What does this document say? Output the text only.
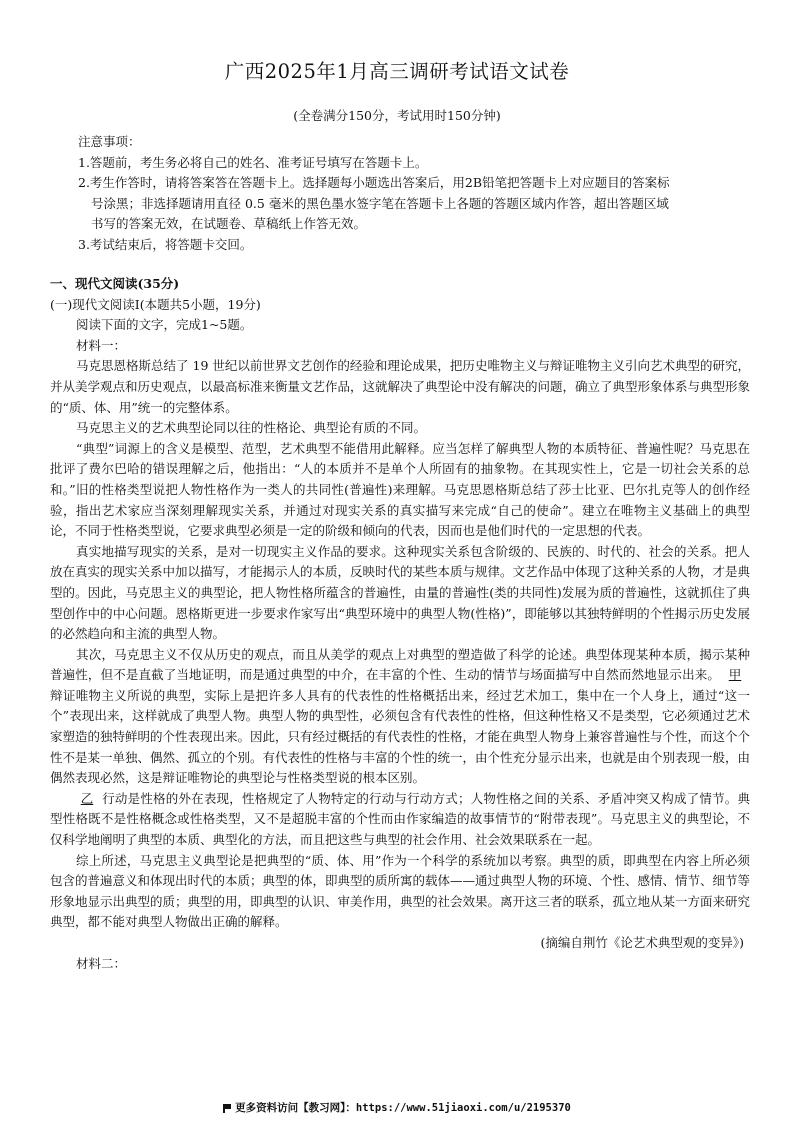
广西2025年1月高三调研考试语文试卷
(全卷满分150分，考试用时150分钟)
注意事项：
1.答题前，考生务必将自己的姓名、准考证号填写在答题卡上。
2.考生作答时，请将答案答在答题卡上。选择题每小题选出答案后，用2B铅笔把答题卡上对应题目的答案标
号涂黑；非选择题请用直径 0.5 毫米的黑色墨水签字笔在答题卡上各题的答题区域内作答，超出答题区域
书写的答案无效，在试题卷、草稿纸上作答无效。
3.考试结束后，将答题卡交回。
一、现代文阅读(35分)
(一)现代文阅读Ⅰ(本题共5小题，19分)
阅读下面的文字，完成1~5题。
材料一：
马克思恩格斯总结了 19 世纪以前世界文艺创作的经验和理论成果，把历史唯物主义与辩证唯物主义引向艺术典型的研究，并从美学观点和历史观点，以最高标准来衡量文艺作品，这就解决了典型论中没有解决的问题，确立了典型形象体系与典型形象的“质、体、用”统一的完整体系。
马克思主义的艺术典型论同以往的性格论、典型论有质的不同。
“典型”词源上的含义是模型、范型，艺术典型不能借用此解释。应当怎样了解典型人物的本质特征、普遍性呢？马克思在批评了费尔巴哈的错误理解之后，他指出：“人的本质并不是单个人所固有的抽象物。在其现实性上，它是一切社会关系的总和。”旧的性格类型说把人物性格作为一类人的共同性(普遍性)来理解。马克思恩格斯总结了莎士比亚、巴尔扎克等人的创作经验，指出艺术家应当深刻理解现实关系，并通过对现实关系的真实描写来完成“自己的使命”。建立在唯物主义基础上的典型论，不同于性格类型说，它要求典型必须是一定的阶级和倾向的代表，因而也是他们时代的一定思想的代表。
真实地描写现实的关系，是对一切现实主义作品的要求。这种现实关系包含阶级的、民族的、时代的、社会的关系。把人放在真实的现实关系中加以描写，才能揭示人的本质，反映时代的某些本质与规律。文艺作品中体现了这种关系的人物，才是典型的。因此，马克思主义的典型论，把人物性格所蕴含的普遍性，由量的普遍性(类的共同性)发展为质的普遍性，这就抓住了典型创作中的中心问题。恩格斯更进一步要求作家写出“典型环境中的典型人物(性格)”，即能够以其独特鲜明的个性揭示历史发展的必然趋向和主流的典型人物。
其次，马克思主义不仅从历史的观点，而且从美学的观点上对典型的塑造做了科学的论述。典型体现某种本质，揭示某种普遍性，但不是直截了当地证明，而是通过典型的中介，在丰富的个性、生动的情节与场面描写中自然而然地显示出来。 甲辩证唯物主义所说的典型，实际上是把许多人具有的代表性的性格概括出来，经过艺术加工，集中在一个人身上，通过“这一个”表现出来，这样就成了典型人物。典型人物的典型性，必须包含有代表性的性格，但这种性格又不是类型，它必须通过艺术家塑造的独特鲜明的个性表现出来。因此，只有经过概括的有代表性的性格，才能在典型人物身上兼容普遍性与个性，而这个个性不是某一单独、偶然、孤立的个别。有代表性的性格与丰富的个性的统一，由个性充分显示出来，也就是由个别表现一般，由偶然表现必然，这是辩证唯物论的典型论与性格类型说的根本区别。
乙 行动是性格的外在表现，性格规定了人物特定的行动与行动方式；人物性格之间的关系、矛盾冲突又构成了情节。典型性格既不是性格概念或性格类型，又不是超脱丰富的个性而由作家编造的故事情节的“附带表现”。马克思主义的典型论，不仅科学地阐明了典型的本质、典型化的方法，而且把这些与典型的社会作用、社会效果联系在一起。
综上所述，马克思主义典型论是把典型的“质、体、用”作为一个科学的系统加以考察。典型的质，即典型在内容上所必须包含的普遍意义和体现出时代的本质；典型的体，即典型的质所寓的载体——通过典型人物的环境、个性、感情、情节、细节等形象地显示出典型的质；典型的用，即典型的认识、审美作用，典型的社会效果。离开这三者的联系，孤立地从某一方面来研究典型，都不能对典型人物做出正确的解释。
(摘编自荆竹《论艺术典型观的变异》)
材料二：
更多资料访问【教习网】：https://www.51jiaoxi.com/u/2195370
